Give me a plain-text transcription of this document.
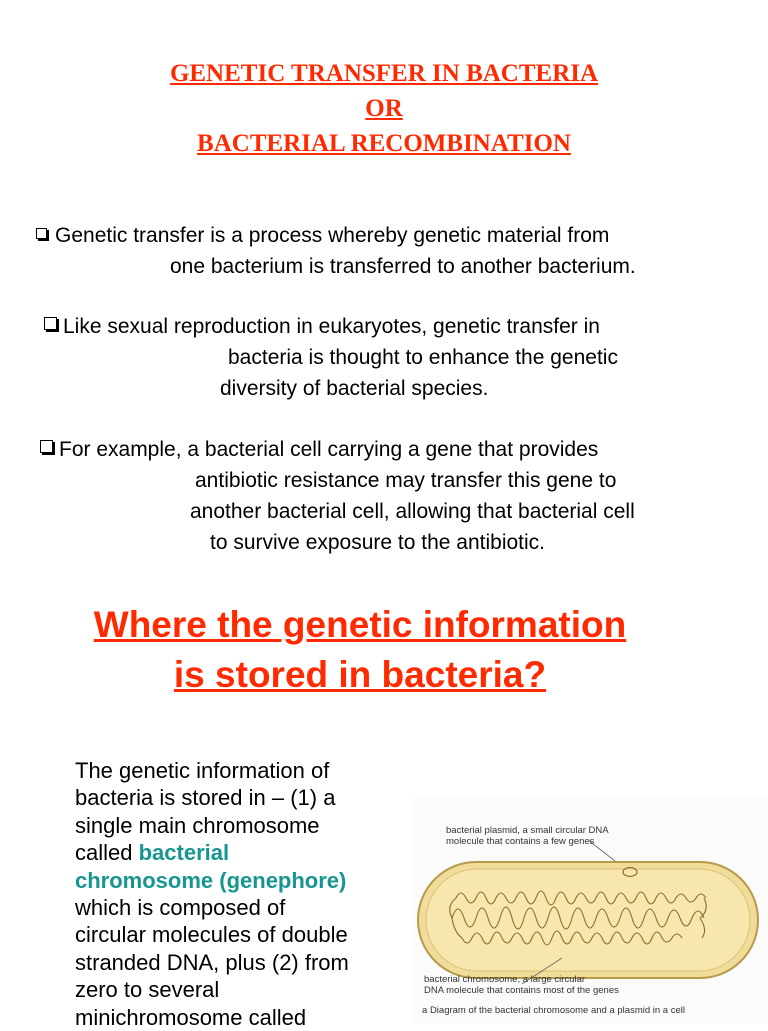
GENETIC TRANSFER IN BACTERIA
OR
BACTERIAL RECOMBINATION
Genetic transfer is a process whereby genetic material from
one bacterium is transferred to another bacterium.
Like sexual reproduction in eukaryotes, genetic transfer in
bacteria is thought to enhance the genetic
diversity of bacterial species.
For example, a bacterial cell carrying a gene that provides
antibiotic resistance may transfer this gene to
another bacterial cell, allowing that bacterial cell
to survive exposure to the antibiotic.
Where the genetic information
is stored in bacteria?
The genetic information of
bacteria is stored in – (1) a
single main chromosome
called bacterial
chromosome (genephore)
which is composed of
circular molecules of double
stranded DNA, plus (2) from
zero to several
minichromosome called
bacterial plasmid, a small circular DNA
molecule that contains a few genes
bacterial chromosome, a large circular
DNA molecule that contains most of the genes
a Diagram of the bacterial chromosome and a plasmid in a cell
